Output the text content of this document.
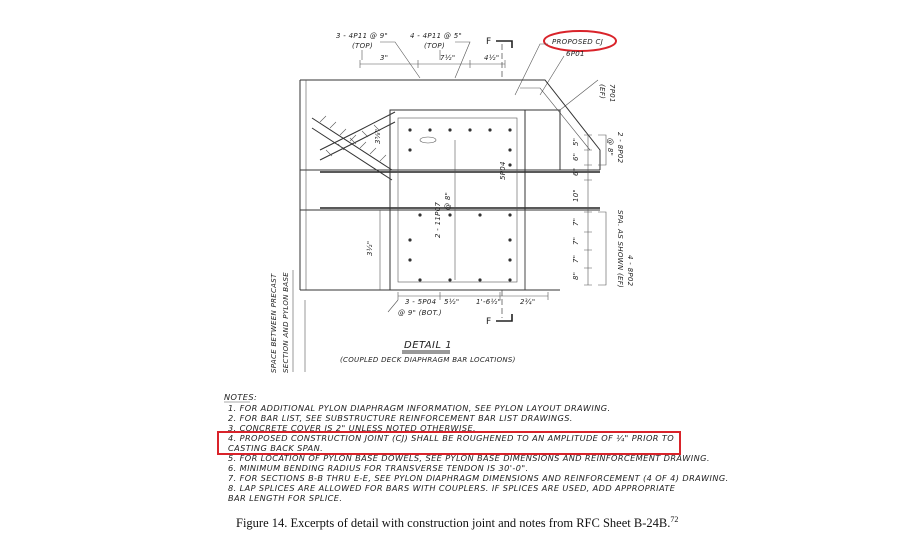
3 - 4P11 @ 9"
(TOP)
4 - 4P11 @ 5"
(TOP)	F	PROPOSED CJ
6P01
7P01
(EF)
3"	7½"	4½"
2 - 11P07
@ 8"
5P04
3⅝"
3½"
5"
6"
6"
10"
7"
7"
7"
8"
2 - 8P02
@ 8"
4 - 8P02
SPA. AS SHOWN (EF)
3 - 5P04
@ 9" (BOT.)
5½" 1'-6½"	2¾"
F
SPACE BETWEEN PRECAST SECTION AND PYLON BASE	DETAIL 1
(COUPLED DECK DIAPHRAGM BAR LOCATIONS)
NOTES:
1. FOR ADDITIONAL PYLON DIAPHRAGM INFORMATION, SEE PYLON LAYOUT DRAWING.
2. FOR BAR LIST, SEE SUBSTRUCTURE REINFORCEMENT BAR LIST DRAWINGS.
3. CONCRETE COVER IS 2" UNLESS NOTED OTHERWISE.
4. PROPOSED CONSTRUCTION JOINT (CJ) SHALL BE ROUGHENED TO AN AMPLITUDE OF ¼" PRIOR TO
CASTING BACK SPAN.
5. FOR LOCATION OF PYLON BASE DOWELS, SEE PYLON BASE DIMENSIONS AND REINFORCEMENT DRAWING.
6. MINIMUM BENDING RADIUS FOR TRANSVERSE TENDON IS 30'-0".
7. FOR SECTIONS B-B THRU E-E, SEE PYLON DIAPHRAGM DIMENSIONS AND REINFORCEMENT (4 OF 4) DRAWING.
8. LAP SPLICES ARE ALLOWED FOR BARS WITH COUPLERS. IF SPLICES ARE USED, ADD APPROPRIATE
BAR LENGTH FOR SPLICE.
Figure 14. Excerpts of detail with construction joint and notes from RFC Sheet B-24B.$^{72}$
